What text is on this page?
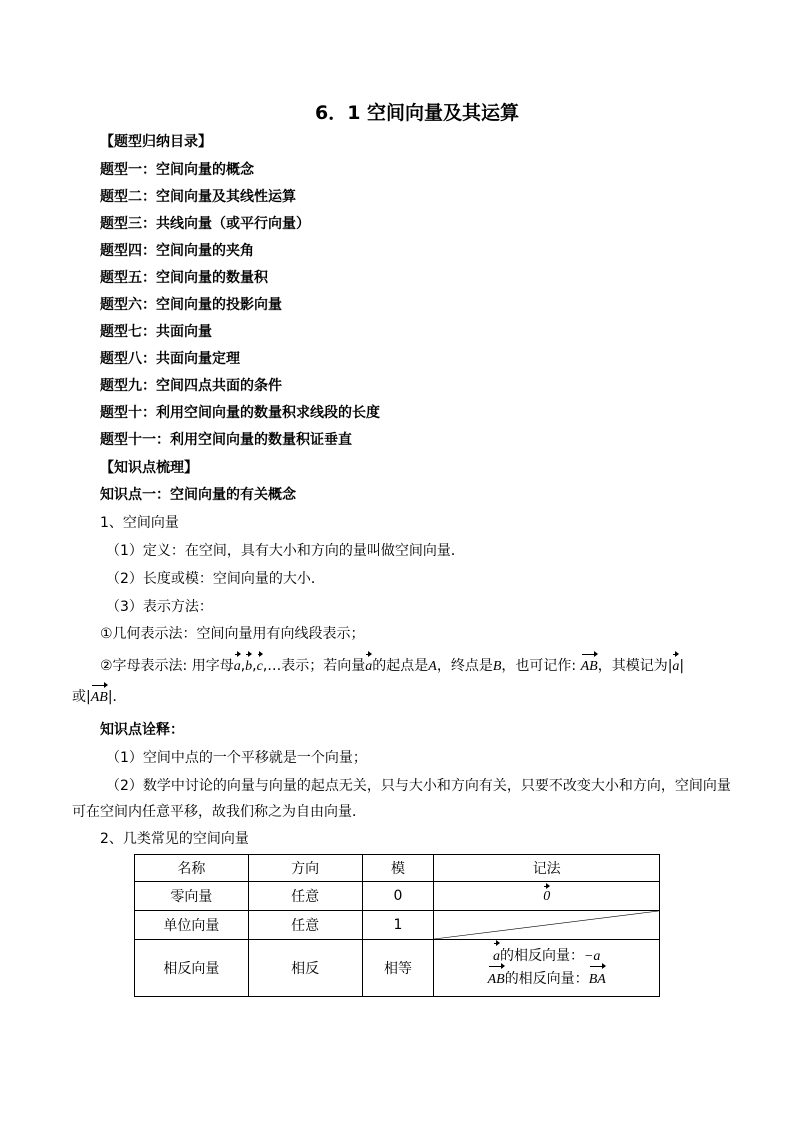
6．1 空间向量及其运算
【题型归纳目录】
题型一：空间向量的概念
题型二：空间向量及其线性运算
题型三：共线向量（或平行向量）
题型四：空间向量的夹角
题型五：空间向量的数量积
题型六：空间向量的投影向量
题型七：共面向量
题型八：共面向量定理
题型九：空间四点共面的条件
题型十：利用空间向量的数量积求线段的长度
题型十一：利用空间向量的数量积证垂直
【知识点梳理】
知识点一：空间向量的有关概念
1、空间向量
（1）定义：在空间，具有大小和方向的量叫做空间向量．
（2）长度或模：空间向量的大小．
（3）表示方法：
①几何表示法：空间向量用有向线段表示；
②字母表示法: 用字母a,b,c,…表示；若向量a的起点是A，终点是B，也可记作: AB，其模记为|a|
或|AB|．
知识点诠释：
（1）空间中点的一个平移就是一个向量；
（2）数学中讨论的向量与向量的起点无关，只与大小和方向有关，只要不改变大小和方向，空间向量
可在空间内任意平移，故我们称之为自由向量．
2、几类常见的空间向量
名称	方向	模	记法
零向量	任意	0	0
单位向量	任意	1	

相反向量	相反	相等	a的相反向量：−a
AB的相反向量：BA
